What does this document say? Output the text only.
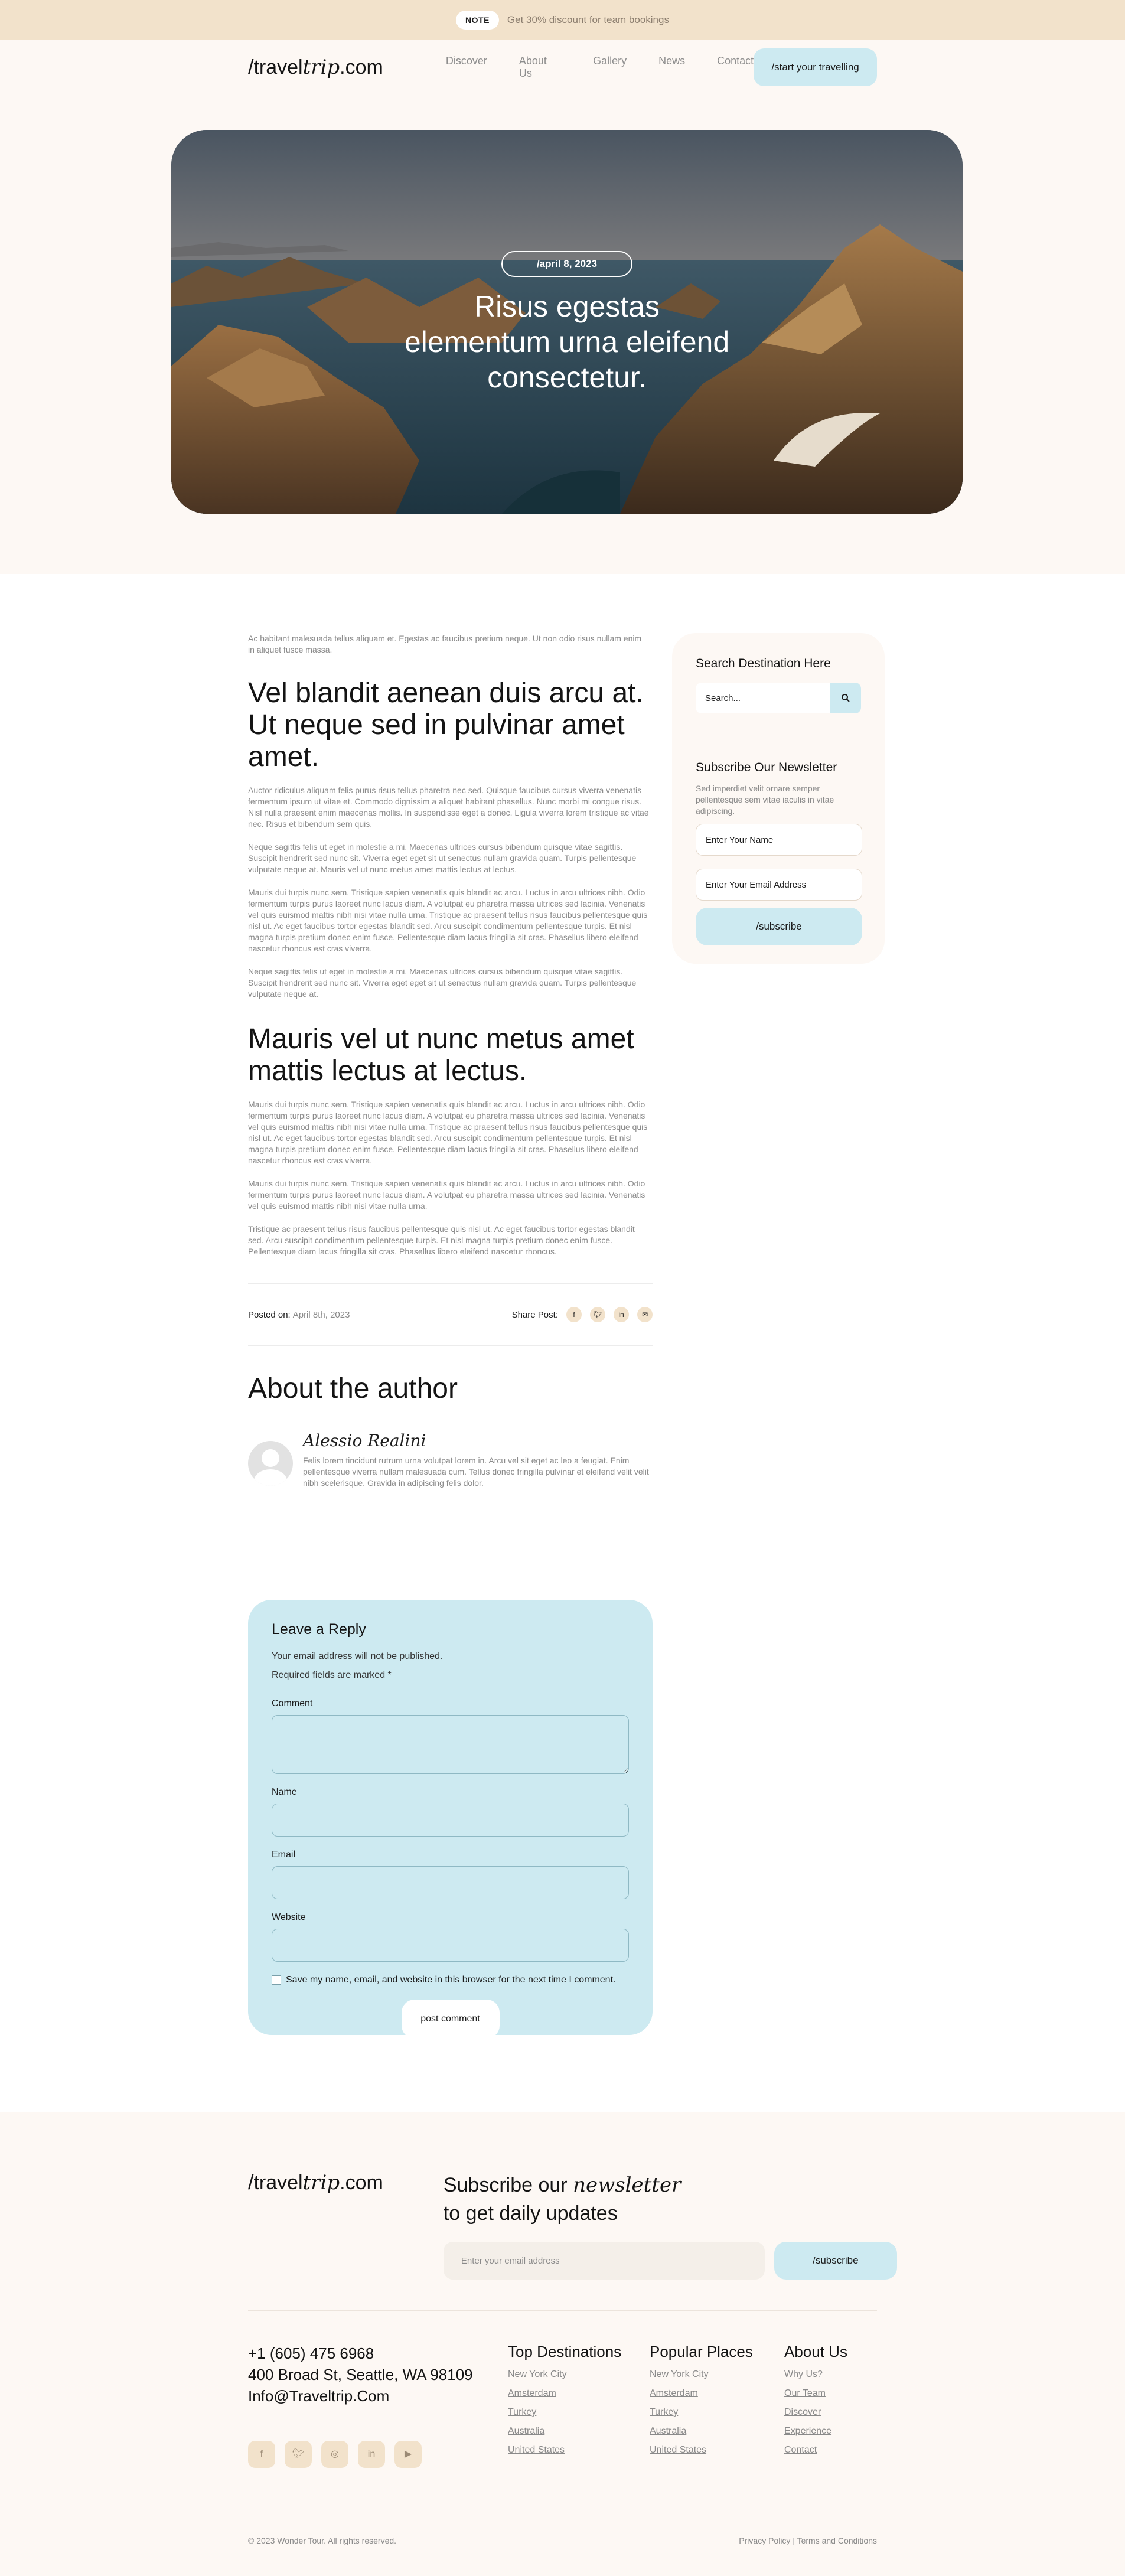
NOTE	Get 30% discount for team bookings
/traveltrip.com	Discover	About Us
Gallery	News	Contact
/start your travelling
/april 8, 2023
Risus egestas elementum urna eleifend consectetur.

Ac habitant malesuada tellus aliquam et. Egestas ac faucibus pretium neque. Ut non odio risus nullam enim in aliquet fusce massa.

Vel blandit aenean duis arcu at. Ut neque sed in pulvinar amet amet.

Auctor ridiculus aliquam felis purus risus tellus pharetra nec sed. Quisque faucibus cursus viverra venenatis fermentum ipsum ut vitae et. Commodo dignissim a aliquet habitant phasellus. Nunc morbi mi congue risus. Nisl nulla praesent enim maecenas mollis. In suspendisse eget a donec. Ligula viverra lorem tristique ac vitae nec. Risus et bibendum sem quis.

Neque sagittis felis ut eget in molestie a mi. Maecenas ultrices cursus bibendum quisque vitae sagittis. Suscipit hendrerit sed nunc sit. Viverra eget eget sit ut senectus nullam gravida quam. Turpis pellentesque vulputate neque at. Mauris vel ut nunc metus amet mattis lectus at lectus.

Mauris dui turpis nunc sem. Tristique sapien venenatis quis blandit ac arcu. Luctus in arcu ultrices nibh. Odio fermentum turpis purus laoreet nunc lacus diam. A volutpat eu pharetra massa ultrices sed lacinia. Venenatis vel quis euismod mattis nibh nisi vitae nulla urna. Tristique ac praesent tellus risus faucibus pellentesque quis nisl ut. Ac eget faucibus tortor egestas blandit sed. Arcu suscipit condimentum pellentesque turpis. Et nisl magna turpis pretium donec enim fusce. Pellentesque diam lacus fringilla sit cras. Phasellus libero eleifend nascetur rhoncus est cras viverra.

Neque sagittis felis ut eget in molestie a mi. Maecenas ultrices cursus bibendum quisque vitae sagittis. Suscipit hendrerit sed nunc sit. Viverra eget eget sit ut senectus nullam gravida quam. Turpis pellentesque vulputate neque at.

Mauris vel ut nunc metus amet mattis lectus at lectus.

Mauris dui turpis nunc sem. Tristique sapien venenatis quis blandit ac arcu. Luctus in arcu ultrices nibh. Odio fermentum turpis purus laoreet nunc lacus diam. A volutpat eu pharetra massa ultrices sed lacinia. Venenatis vel quis euismod mattis nibh nisi vitae nulla urna. Tristique ac praesent tellus risus faucibus pellentesque quis nisl ut. Ac eget faucibus tortor egestas blandit sed. Arcu suscipit condimentum pellentesque turpis. Et nisl magna turpis pretium donec enim fusce. Pellentesque diam lacus fringilla sit cras. Phasellus libero eleifend nascetur rhoncus est cras viverra.

Mauris dui turpis nunc sem. Tristique sapien venenatis quis blandit ac arcu. Luctus in arcu ultrices nibh. Odio fermentum turpis purus laoreet nunc lacus diam. A volutpat eu pharetra massa ultrices sed lacinia. Venenatis vel quis euismod mattis nibh nisi vitae nulla urna.

Tristique ac praesent tellus risus faucibus pellentesque quis nisl ut. Ac eget faucibus tortor egestas blandit sed. Arcu suscipit condimentum pellentesque turpis. Et nisl magna turpis pretium donec enim fusce. Pellentesque diam lacus fringilla sit cras. Phasellus libero eleifend nascetur rhoncus.

Posted on: April 8th, 2023	Share Post:	f	🐦︎	in	✉
About the author
Alessio Realini

Felis lorem tincidunt rutrum urna volutpat lorem in. Arcu vel sit eget ac leo a feugiat. Enim pellentesque viverra nullam malesuada cum. Tellus donec fringilla pulvinar et eleifend velit velit nibh scelerisque. Gravida in adipiscing felis dolor.

Leave a Reply
Your email address will not be published.
Required fields are marked *
Comment
Name
Email
Website
Save my name, email, and website in this browser for the next time I comment.
post comment
Search Destination Here
Search...
Subscribe Our Newsletter

Sed imperdiet velit ornare semper pellentesque sem vitae iaculis in vitae adipiscing.

Enter Your Name
Enter Your Email Address
/subscribe
/traveltrip.com	Subscribe our newsletter to get daily updates
Enter your email address	/subscribe
+1 (605) 475 6968
400 Broad St, Seattle, WA 98109
Info@Traveltrip.Com
f	🐦︎	◎	in	▶
Top Destinations
New York City
Amsterdam
Turkey
Australia
United States
Popular Places
New York City
Amsterdam
Turkey
Australia
United States
About Us
Why Us?
Our Team
Discover
Experience
Contact
© 2023 Wonder Tour. All rights reserved.	Privacy Policy | Terms and Conditions
